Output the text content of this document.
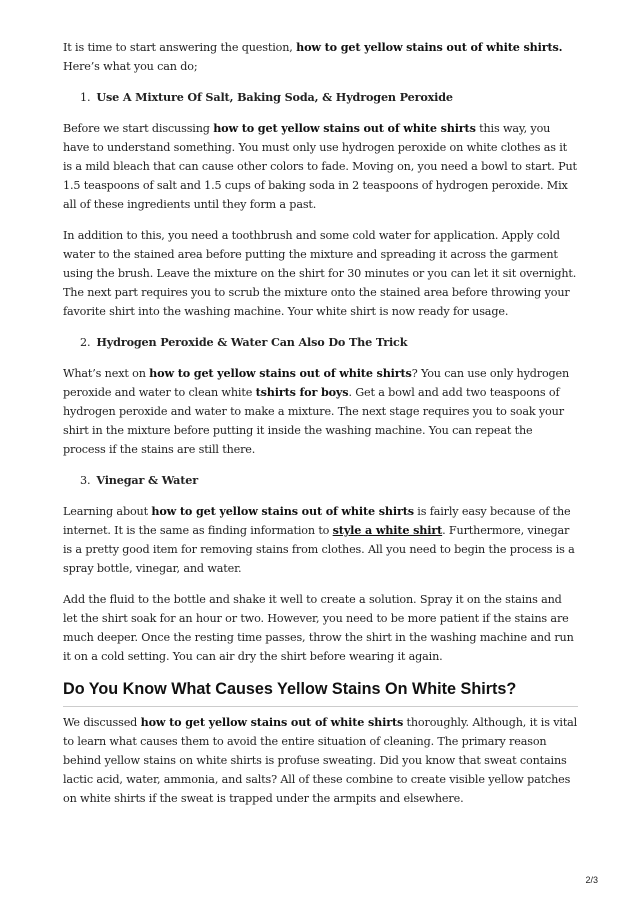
It is time to start answering the question, how to get yellow stains out of white shirts. Here’s what you can do;

1. Use A Mixture Of Salt, Baking Soda, & Hydrogen Peroxide

Before we start discussing how to get yellow stains out of white shirts this way, you have to understand something. You must only use hydrogen peroxide on white clothes as it is a mild bleach that can cause other colors to fade. Moving on, you need a bowl to start. Put 1.5 teaspoons of salt and 1.5 cups of baking soda in 2 teaspoons of hydrogen peroxide. Mix all of these ingredients until they form a past.

In addition to this, you need a toothbrush and some cold water for application. Apply cold water to the stained area before putting the mixture and spreading it across the garment using the brush. Leave the mixture on the shirt for 30 minutes or you can let it sit overnight. The next part requires you to scrub the mixture onto the stained area before throwing your favorite shirt into the washing machine. Your white shirt is now ready for usage.

2. Hydrogen Peroxide & Water Can Also Do The Trick

What’s next on how to get yellow stains out of white shirts? You can use only hydrogen peroxide and water to clean white tshirts for boys. Get a bowl and add two teaspoons of hydrogen peroxide and water to make a mixture. The next stage requires you to soak your shirt in the mixture before putting it inside the washing machine. You can repeat the process if the stains are still there.

3. Vinegar & Water

Learning about how to get yellow stains out of white shirts is fairly easy because of the internet. It is the same as finding information to style a white shirt. Furthermore, vinegar is a pretty good item for removing stains from clothes. All you need to begin the process is a spray bottle, vinegar, and water.

Add the fluid to the bottle and shake it well to create a solution. Spray it on the stains and let the shirt soak for an hour or two. However, you need to be more patient if the stains are much deeper. Once the resting time passes, throw the shirt in the washing machine and run it on a cold setting. You can air dry the shirt before wearing it again.

Do You Know What Causes Yellow Stains On White Shirts?

We discussed how to get yellow stains out of white shirts thoroughly. Although, it is vital to learn what causes them to avoid the entire situation of cleaning. The primary reason behind yellow stains on white shirts is profuse sweating. Did you know that sweat contains lactic acid, water, ammonia, and salts? All of these combine to create visible yellow patches on white shirts if the sweat is trapped under the armpits and elsewhere.

2/3
